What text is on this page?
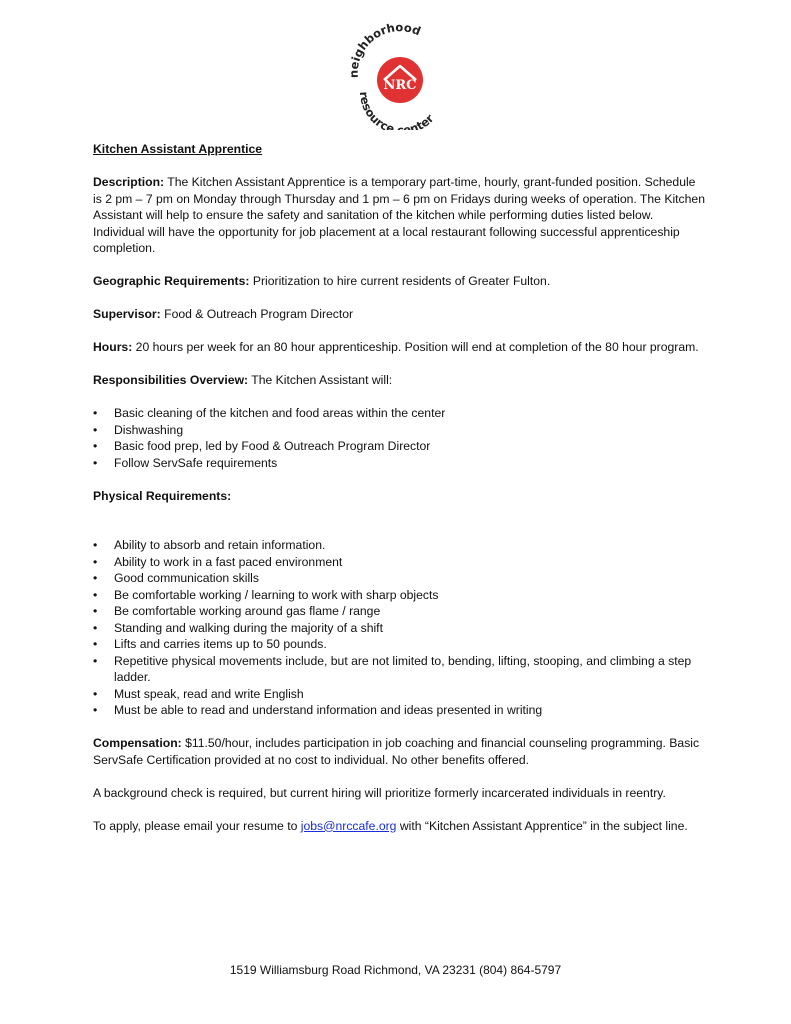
NRC
neighborhood
resource center

Kitchen Assistant Apprentice

Description: The Kitchen Assistant Apprentice is a temporary part-time, hourly, grant-funded position. Schedule is 2 pm – 7 pm on Monday through Thursday and 1 pm – 6 pm on Fridays during weeks of operation. The Kitchen Assistant will help to ensure the safety and sanitation of the kitchen while performing duties listed below. Individual will have the opportunity for job placement at a local restaurant following successful apprenticeship completion.

Geographic Requirements: Prioritization to hire current residents of Greater Fulton.

Supervisor: Food & Outreach Program Director

Hours: 20 hours per week for an 80 hour apprenticeship. Position will end at completion of the 80 hour program.

Responsibilities Overview: The Kitchen Assistant will:

•	Basic cleaning of the kitchen and food areas within the center
•	Dishwashing
•	Basic food prep, led by Food & Outreach Program Director
•	Follow ServSafe requirements

Physical Requirements:

•	Ability to absorb and retain information.
•	Ability to work in a fast paced environment
•	Good communication skills
•	Be comfortable working / learning to work with sharp objects
•	Be comfortable working around gas flame / range
•	Standing and walking during the majority of a shift
•	Lifts and carries items up to 50 pounds.
•	Repetitive physical movements include, but are not limited to, bending, lifting, stooping, and climbing a step ladder.
•	Must speak, read and write English
•	Must be able to read and understand information and ideas presented in writing

Compensation: $11.50/hour, includes participation in job coaching and financial counseling programming. Basic ServSafe Certification provided at no cost to individual. No other benefits offered.

A background check is required, but current hiring will prioritize formerly incarcerated individuals in reentry.

To apply, please email your resume to jobs@nrccafe.org with “Kitchen Assistant Apprentice” in the subject line.

1519 Williamsburg Road Richmond, VA 23231 (804) 864-5797
